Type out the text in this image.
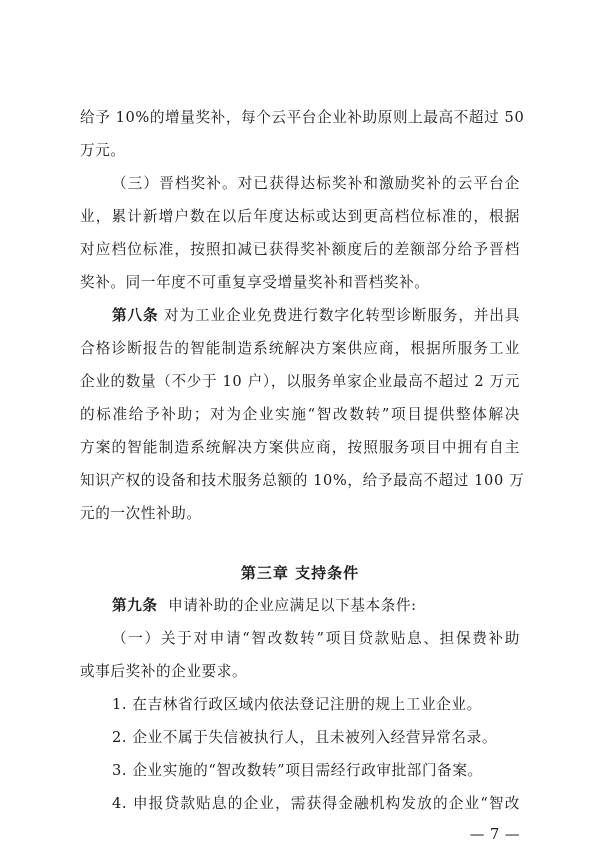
给予 10%的增量奖补，每个云平台企业补助原则上最高不超过 50
万元。
（三）晋档奖补。对已获得达标奖补和激励奖补的云平台企
业，累计新增户数在以后年度达标或达到更高档位标准的，根据
对应档位标准，按照扣减已获得奖补额度后的差额部分给予晋档
奖补。同一年度不可重复享受增量奖补和晋档奖补。
第八条 对为工业企业免费进行数字化转型诊断服务，并出具
合格诊断报告的智能制造系统解决方案供应商，根据所服务工业
企业的数量（不少于 10 户），以服务单家企业最高不超过 2 万元
的标准给予补助；对为企业实施“智改数转”项目提供整体解决
方案的智能制造系统解决方案供应商，按照服务项目中拥有自主
知识产权的设备和技术服务总额的 10%，给予最高不超过 100 万
元的一次性补助。
第三章 支持条件
第九条 申请补助的企业应满足以下基本条件:
（一）关于对申请“智改数转”项目贷款贴息、担保费补助
或事后奖补的企业要求。
1. 在吉林省行政区域内依法登记注册的规上工业企业。
2. 企业不属于失信被执行人，且未被列入经营异常名录。
3. 企业实施的“智改数转”项目需经行政审批部门备案。
4. 申报贷款贴息的企业，需获得金融机构发放的企业“智改
— 7 —
